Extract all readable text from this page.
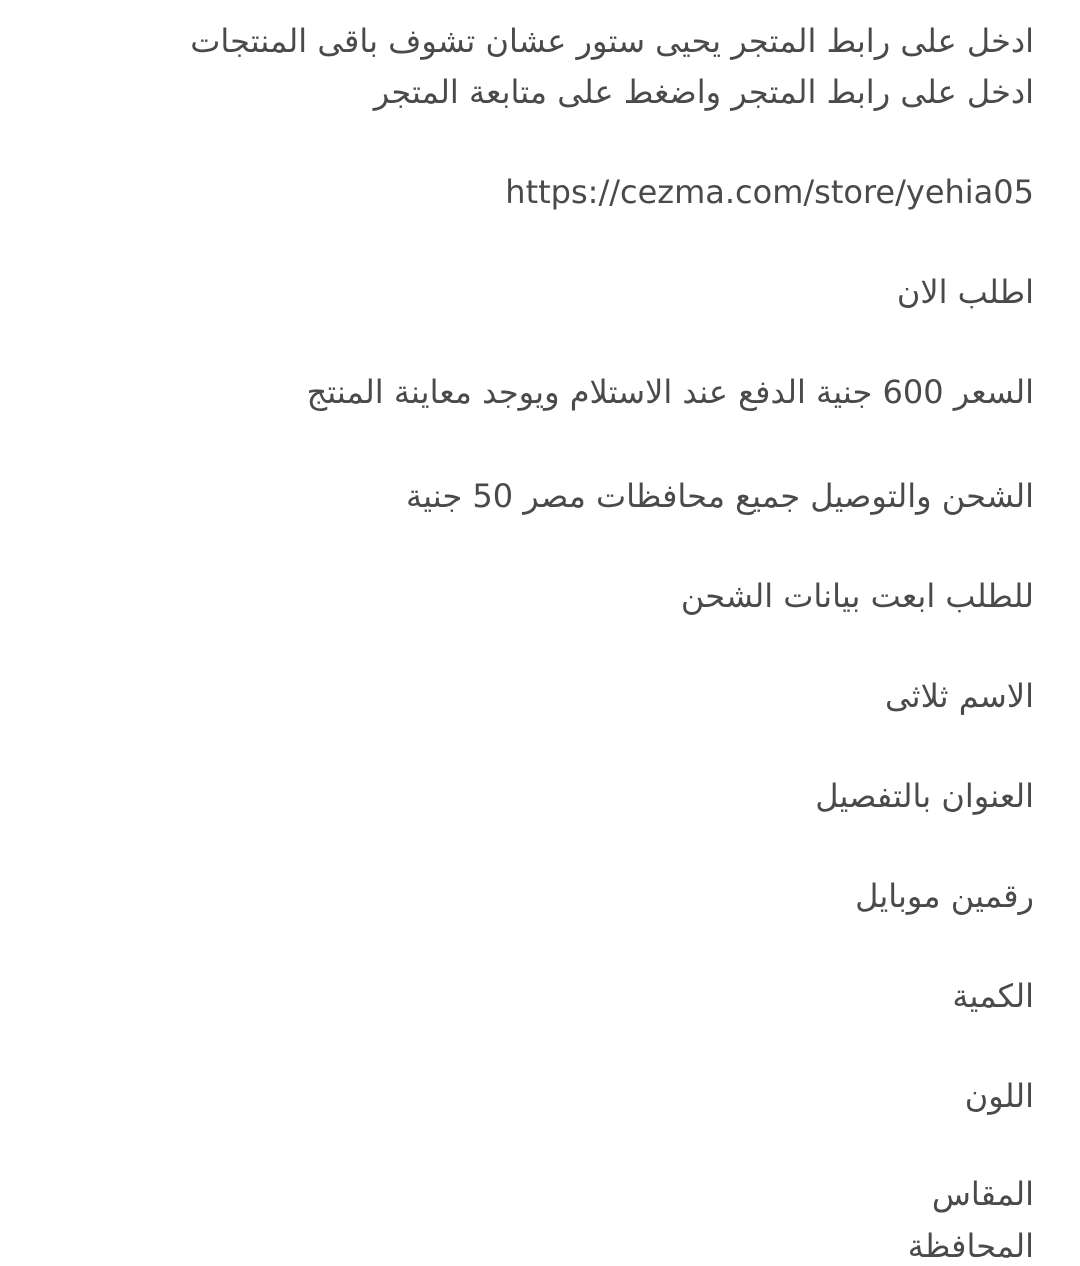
ادخل على رابط المتجر يحيى ستور عشان تشوف باقى المنتجات
ادخل على رابط المتجر واضغط على متابعة المتجر
https://cezma.com/store/yehia05
اطلب الان
السعر 600 جنية الدفع عند الاستلام ويوجد معاينة المنتج
الشحن والتوصيل جميع محافظات مصر 50 جنية
للطلب ابعت بيانات الشحن
الاسم ثلاثى
العنوان بالتفصيل
رقمين موبايل
الكمية
اللون
المقاس
المحافظة
